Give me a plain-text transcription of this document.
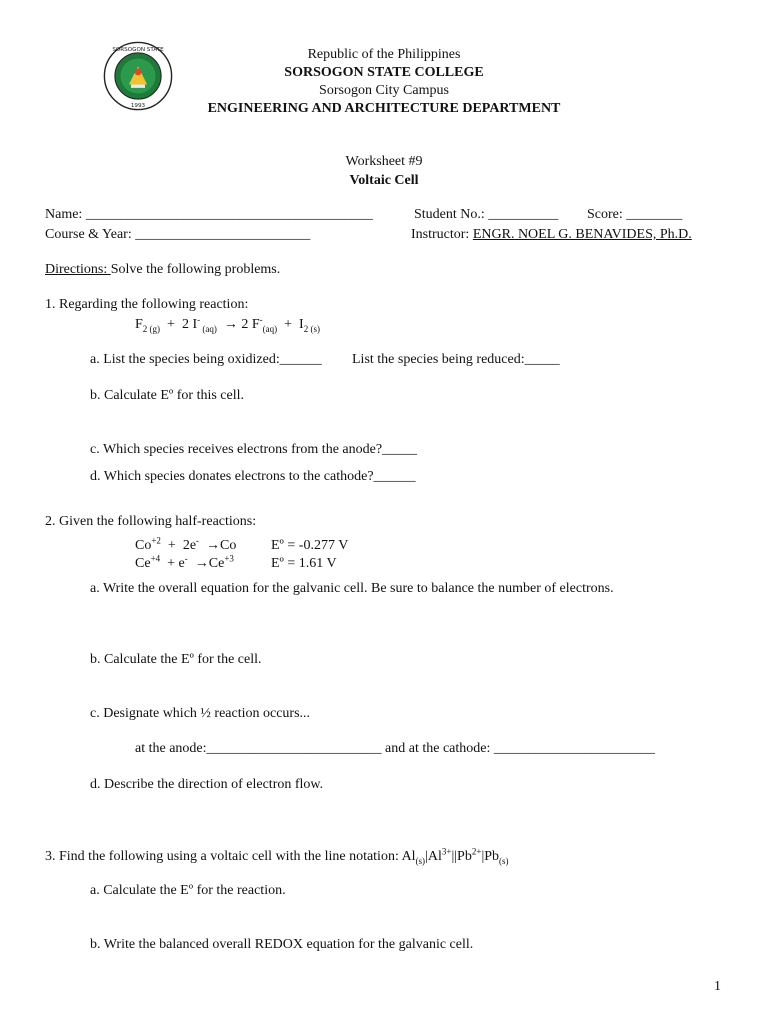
SORSOGON STATE
1993
Republic of the Philippines
SORSOGON STATE COLLEGE
Sorsogon City Campus
ENGINEERING AND ARCHITECTURE DEPARTMENT
Worksheet #9
Voltaic Cell
Name: _________________________________________	Student No.: __________ Score: ________
Course & Year: _________________________	Instructor: ENGR. NOEL G. BENAVIDES, Ph.D.
Directions: Solve the following problems.
1. Regarding the following reaction:
$F_{2 (g)} + 2$ I- $_{(aq)}$  → 2 $F^-_{(aq)} + I_{2 (s)}$
a. List the species being oxidized:______ List the species being reduced:_____
b. Calculate Eº for this cell.
c. Which species receives electrons from the anode?_____
d. Which species donates electrons to the cathode?______
2. Given the following half-reactions:
$Co^{+2} + 2e^- \to Co$ Eº = -0.277 V
$Ce^{+4} + e^- \to Ce^{+3}$	Eº = 1.61 V
a. Write the overall equation for the galvanic cell. Be sure to balance the number of electrons.
b. Calculate the Eº for the cell.
c. Designate which ½ reaction occurs...
at the anode:_________________________ and at the cathode: _______________________
d. Describe the direction of electron flow.
3. Find the following using a voltaic cell with the line notation: $Al_{(s)}|Al^{3+}||Pb^{2+}|Pb_{(s)}$
a. Calculate the Eº for the reaction.
b. Write the balanced overall REDOX equation for the galvanic cell.
1
